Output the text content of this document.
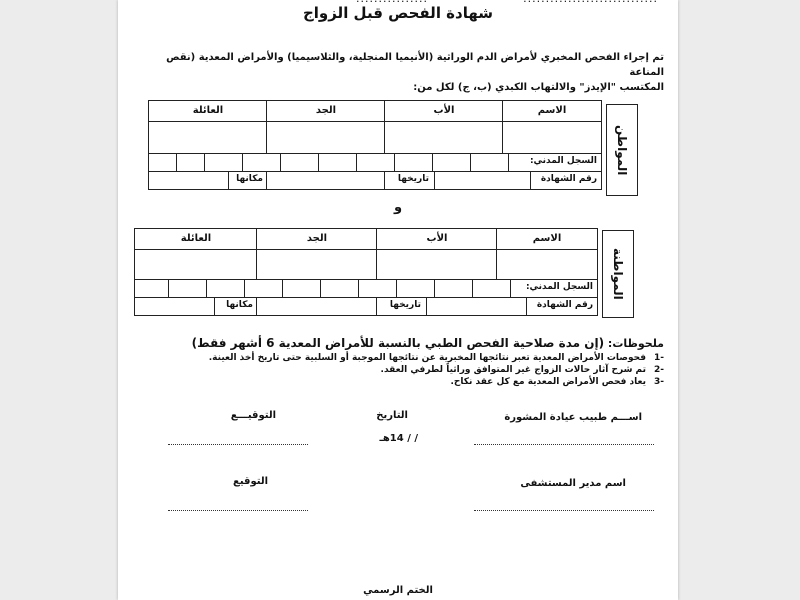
شهادة الفحص قبل الزواج
تم إجراء الفحص المخبري لأمراض الدم الوراثية (الأنيميا المنجلية، والثلاسيميا) والأمراض المعدية (نقص المناعة
المكتسب "الإيدز" والالتهاب الكبدي (ب، ج) لكل من:
المواطن
الاسم
الأب
الجد
العائلة
السجل المدني:
رقم الشهادة
تاريخها
مكانها
و
المواطنة
الاسم
الأب
الجد
العائلة
السجل المدني:
رقم الشهادة
تاريخها
مكانها
ملحوظات: (إن مدة صلاحية الفحص الطبي بالنسبة للأمراض المعدية 6 أشهر فقط)
-1فحوصات الأمراض المعدية تعبر نتائجها المخبرية عن نتائجها الموجبة أو السلبية حتى تاريخ أخذ العينة.
-2تم شرح آثار حالات الزواج غير المتوافق وراثياً لطرفي العقد.
-3يعاد فحص الأمراض المعدية مع كل عقد نكاح.
اســـم طبيب عيادة المشورة
التاريخ
التوقيـــع
/ / 14هـ
اسم مدير المستشفى
التوقيع
الختم الرسمي
